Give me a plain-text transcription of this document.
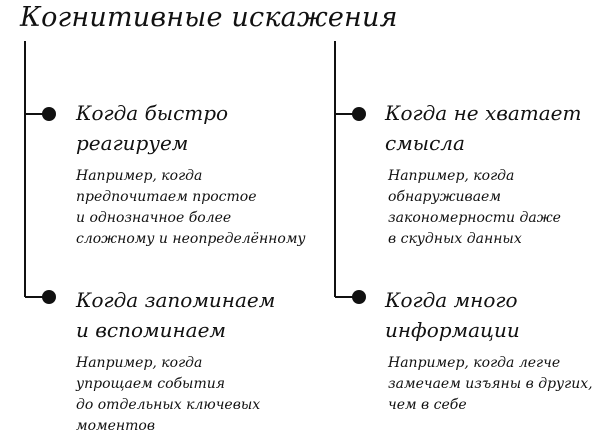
Когнитивные искажения
Когда быстро
реагируем
Например, когда
предпочитаем простое
и однозначное более
сложному и неопределённому
Когда не хватает
смысла
Например, когда
обнаруживаем
закономерности даже
в скудных данных
Когда запоминаем
и вспоминаем
Например, когда
упрощаем события
до отдельных ключевых
моментов
Когда много
информации
Например, когда легче
замечаем изъяны в других,
чем в себе
